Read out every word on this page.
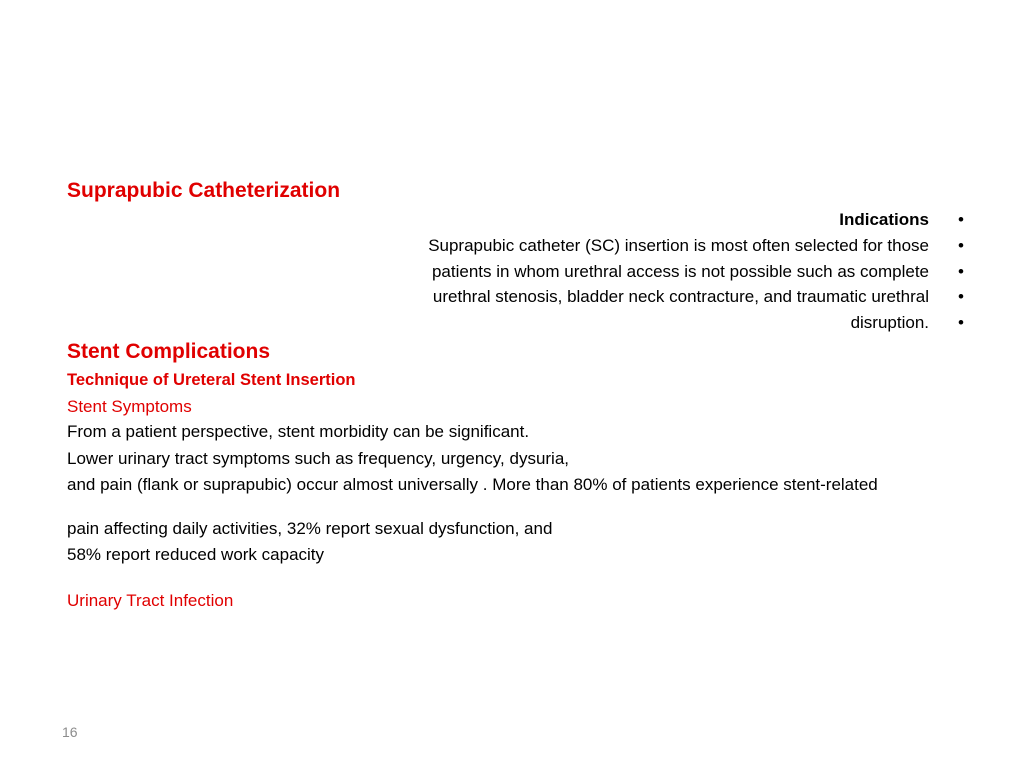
Suprapubic Catheterization
Indications •
Suprapubic catheter (SC) insertion is most often selected for those •
patients in whom urethral access is not possible such as complete •
urethral stenosis, bladder neck contracture, and traumatic urethral •
disruption. •
Stent Complications
Technique of Ureteral Stent Insertion
Stent Symptoms
From a patient perspective, stent morbidity can be significant.
Lower urinary tract symptoms such as frequency, urgency, dysuria,
and pain (flank or suprapubic) occur almost universally . More than 80% of patients experience stent-related
pain affecting daily activities, 32% report sexual dysfunction, and
58% report reduced work capacity
Urinary Tract Infection
16
